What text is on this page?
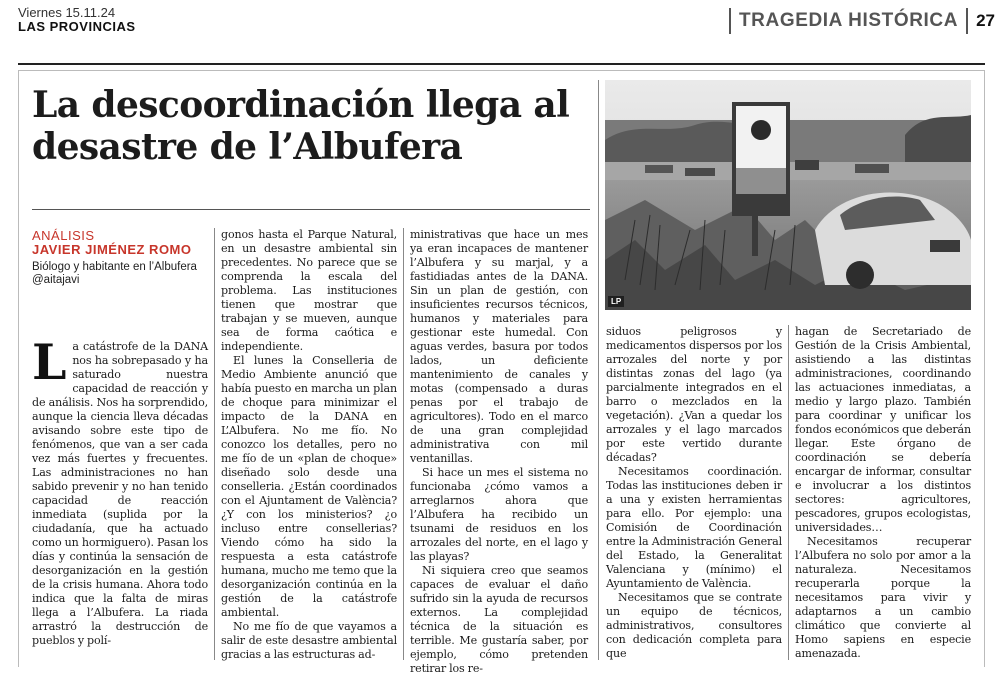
Viernes 15.11.24
LAS PROVINCIAS	TRAGEDIA HISTÓRICA	27
La descoordinación llega al desastre de l’Albufera
LP
ANÁLISIS
JAVIER JIMÉNEZ ROMO
Biólogo y habitante en l’Albufera
@aitajavi

La catástrofe de la DANA nos ha sobrepasado y ha saturado nuestra capacidad de reacción y de análisis. Nos ha sorprendido, aunque la ciencia lleva décadas avisando sobre este tipo de fenómenos, que van a ser cada vez más fuertes y frecuentes. Las administraciones no han sabido prevenir y no han tenido capacidad de reacción inmediata (suplida por la ciudadanía, que ha actuado como un hormiguero). Pasan los días y continúa la sensación de desorganización en la gestión de la crisis humana. Ahora todo indica que la falta de miras llega a l’Albufera. La riada arrastró la destrucción de pueblos y polí-

gonos hasta el Parque Natural, en un desastre ambiental sin precedentes. No parece que se comprenda la escala del problema. Las instituciones tienen que mostrar que trabajan y se mueven, aunque sea de forma caótica e independiente.

El lunes la Conselleria de Medio Ambiente anunció que había puesto en marcha un plan de choque para minimizar el impacto de la DANA en L’Albufera. No me fío. No conozco los detalles, pero no me fío de un «plan de choque» diseñado solo desde una conselleria. ¿Están coordinados con el Ajuntament de València? ¿Y con los ministerios? ¿o incluso entre consellerias? Viendo cómo ha sido la respuesta a esta catástrofe humana, mucho me temo que la desorganización continúa en la gestión de la catástrofe ambiental.

No me fío de que vayamos a salir de este desastre ambiental gracias a las estructuras ad-

ministrativas que hace un mes ya eran incapaces de mantener l’Albufera y su marjal, y a fastidiadas antes de la DANA. Sin un plan de gestión, con insuficientes recursos técnicos, humanos y materiales para gestionar este humedal. Con aguas verdes, basura por todos lados, un deficiente mantenimiento de canales y motas (compensado a duras penas por el trabajo de agricultores). Todo en el marco de una gran complejidad administrativa con mil ventanillas.

Si hace un mes el sistema no funcionaba ¿cómo vamos a arreglarnos ahora que l’Albufera ha recibido un tsunami de residuos en los arrozales del norte, en el lago y las playas?

Ni siquiera creo que seamos capaces de evaluar el daño sufrido sin la ayuda de recursos externos. La complejidad técnica de la situación es terrible. Me gustaría saber, por ejemplo, cómo pretenden retirar los re-

siduos peligrosos y medicamentos dispersos por los arrozales del norte y por distintas zonas del lago (ya parcialmente integrados en el barro o mezclados en la vegetación). ¿Van a quedar los arrozales y el lago marcados por este vertido durante décadas?

Necesitamos coordinación. Todas las instituciones deben ir a una y existen herramientas para ello. Por ejemplo: una Comisión de Coordinación entre la Administración General del Estado, la Generalitat Valenciana y (mínimo) el Ayuntamiento de València.

Necesitamos que se contrate un equipo de técnicos, administrativos, consultores con dedicación completa para que

hagan de Secretariado de Gestión de la Crisis Ambiental, asistiendo a las distintas administraciones, coordinando las actuaciones inmediatas, a medio y largo plazo. También para coordinar y unificar los fondos económicos que deberán llegar. Este órgano de coordinación se debería encargar de informar, consultar e involucrar a los distintos sectores: agricultores, pescadores, grupos ecologistas, universidades…

Necesitamos recuperar l’Albufera no solo por amor a la naturaleza. Necesitamos recuperarla porque la necesitamos para vivir y adaptarnos a un cambio climático que convierte al Homo sapiens en especie amenazada.
